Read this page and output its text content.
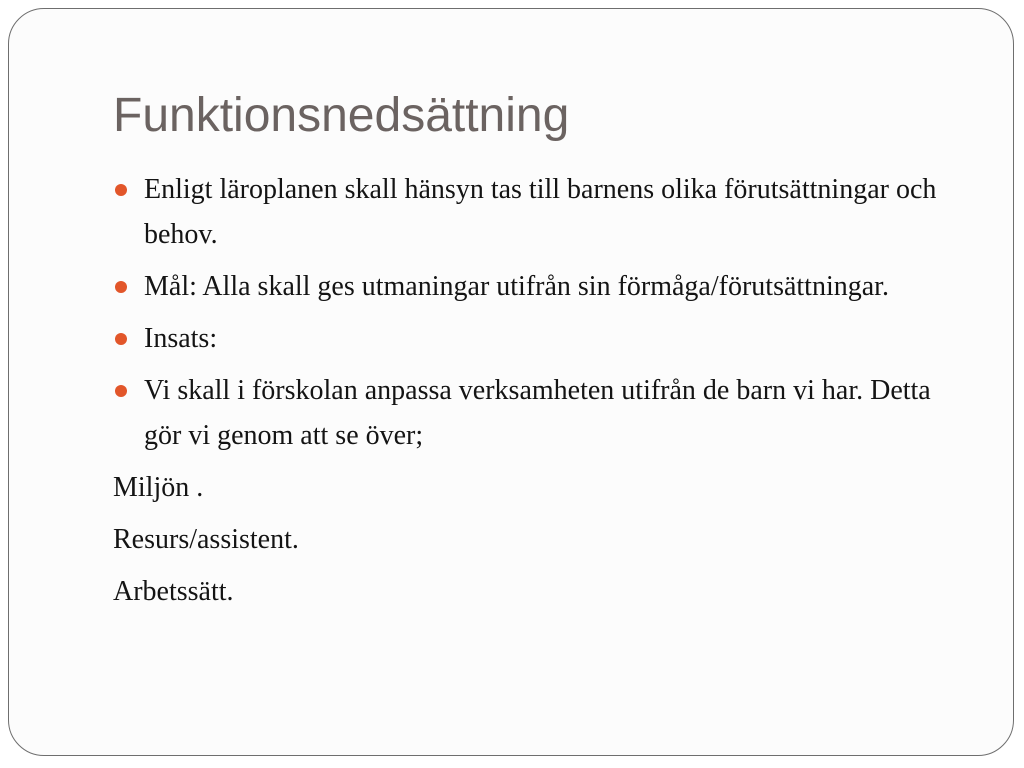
Funktionsnedsättning
Enligt läroplanen skall hänsyn tas till barnens olika förutsättningar och behov.
Mål: Alla skall ges utmaningar utifrån sin förmåga/förutsättningar.
Insats:
Vi skall i förskolan anpassa verksamheten utifrån de barn vi har. Detta gör vi genom att se över;
Miljön .
Resurs/assistent.
Arbetssätt.
